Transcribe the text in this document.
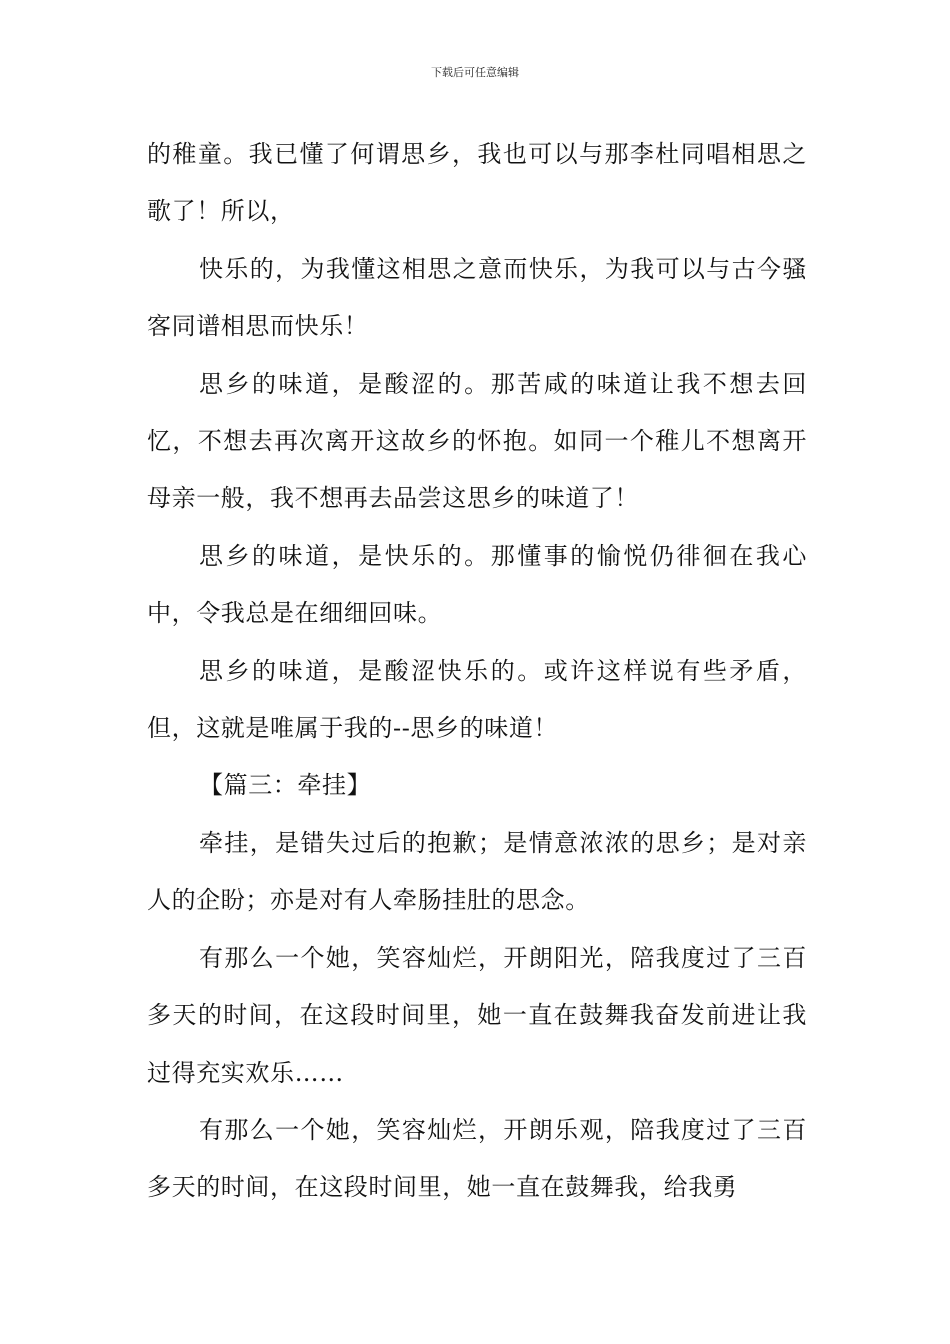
下载后可任意编辑

的稚童。我已懂了何谓思乡，我也可以与那李杜同唱相思之歌了！所以，

快乐的，为我懂这相思之意而快乐，为我可以与古今骚客同谱相思而快乐！

思乡的味道，是酸涩的。那苦咸的味道让我不想去回忆，不想去再次离开这故乡的怀抱。如同一个稚儿不想离开母亲一般，我不想再去品尝这思乡的味道了！

思乡的味道，是快乐的。那懂事的愉悦仍徘徊在我心中，令我总是在细细回味。

思乡的味道，是酸涩快乐的。或许这样说有些矛盾，但，这就是唯属于我的--思乡的味道！

【篇三：牵挂】

牵挂，是错失过后的抱歉；是情意浓浓的思乡；是对亲人的企盼；亦是对有人牵肠挂肚的思念。

有那么一个她，笑容灿烂，开朗阳光，陪我度过了三百多天的时间，在这段时间里，她一直在鼓舞我奋发前进让我过得充实欢乐……

有那么一个她，笑容灿烂，开朗乐观，陪我度过了三百多天的时间，在这段时间里，她一直在鼓舞我，给我勇
